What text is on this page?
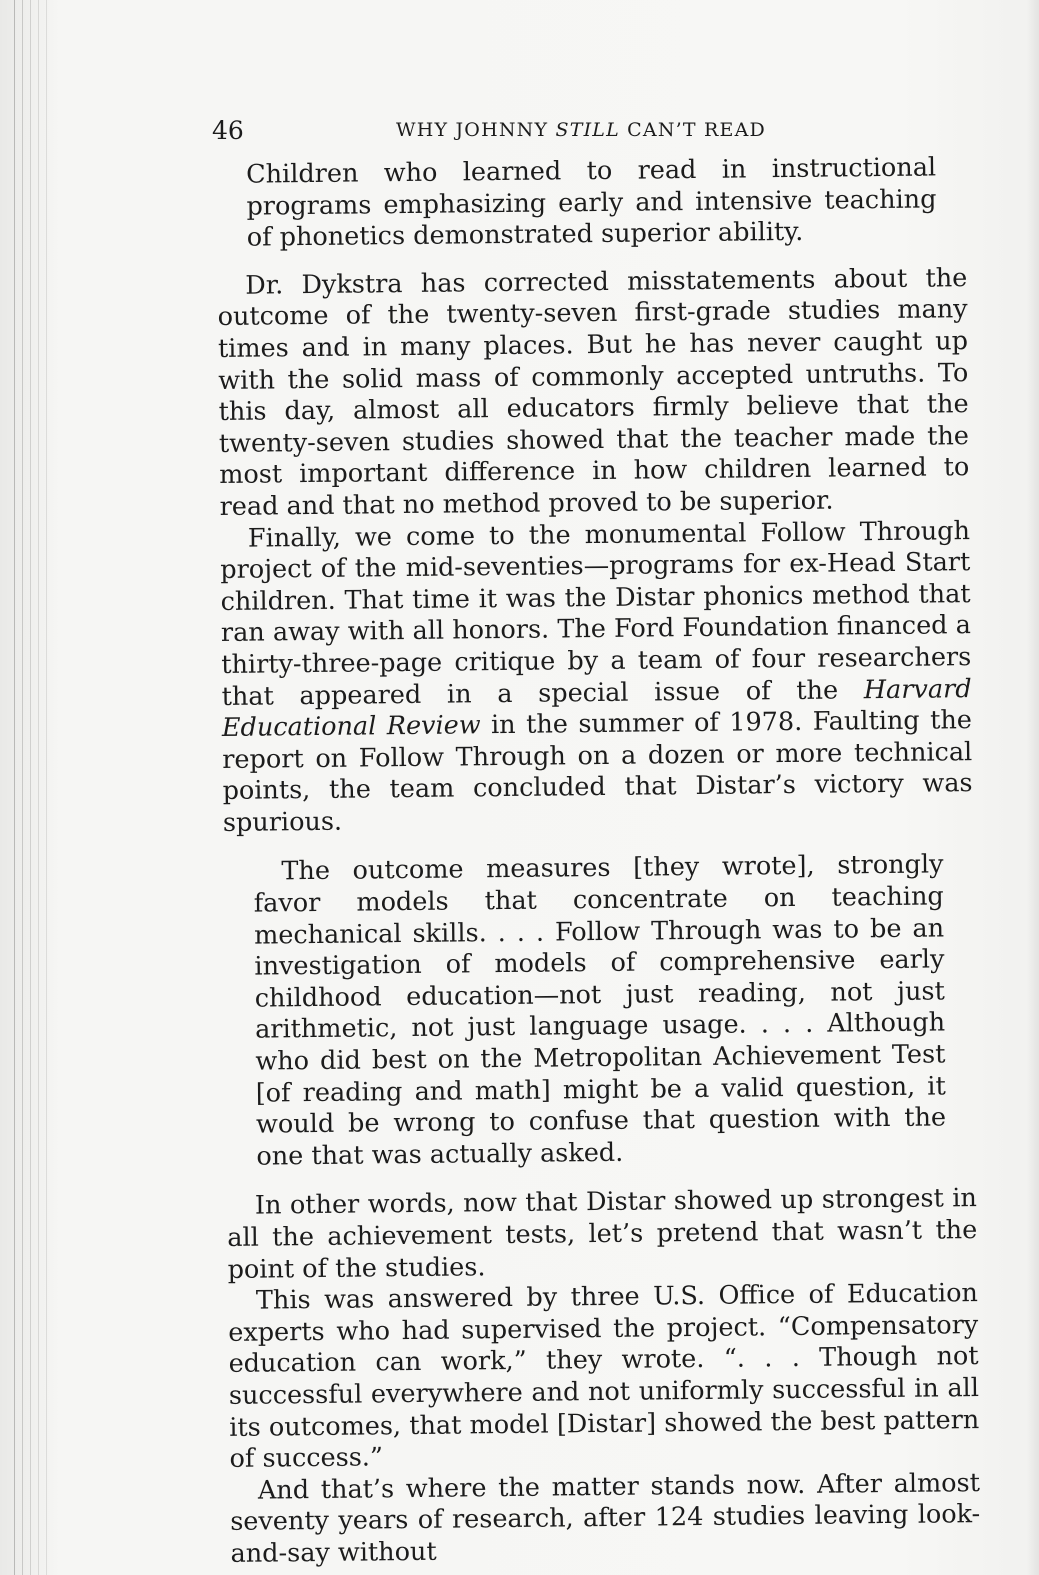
46	WHY JOHNNY STILL CAN’T READ

Children who learned to read in instructional programs emphasizing early and intensive teaching of phonetics demonstrated superior ability.

Dr. Dykstra has corrected misstatements about the outcome of the twenty-seven first-grade studies many times and in many places. But he has never caught up with the solid mass of commonly accepted untruths. To this day, almost all educators firmly believe that the twenty-seven studies showed that the teacher made the most important difference in how children learned to read and that no method proved to be superior.

Finally, we come to the monumental Follow Through project of the mid-seventies—programs for ex-Head Start children. That time it was the Distar phonics method that ran away with all honors. The Ford Foundation financed a thirty-three-page critique by a team of four researchers that appeared in a special issue of the Harvard Educational Review in the summer of 1978. Faulting the report on Follow Through on a dozen or more technical points, the team concluded that Distar’s victory was spurious.

The outcome measures [they wrote], strongly favor models that concentrate on teaching mechanical skills. . . . Follow Through was to be an investigation of models of comprehensive early childhood education—not just reading, not just arithmetic, not just language usage. . . . Although who did best on the Metropolitan Achievement Test [of reading and math] might be a valid question, it would be wrong to confuse that question with the one that was actually asked.

In other words, now that Distar showed up strongest in all the achievement tests, let’s pretend that wasn’t the point of the studies.

This was answered by three U.S. Office of Education experts who had supervised the project. “Compensatory education can work,” they wrote. “. . . Though not successful everywhere and not uniformly successful in all its outcomes, that model [Distar] showed the best pattern of success.”

And that’s where the matter stands now. After almost seventy years of research, after 124 studies leaving look-and-say without
